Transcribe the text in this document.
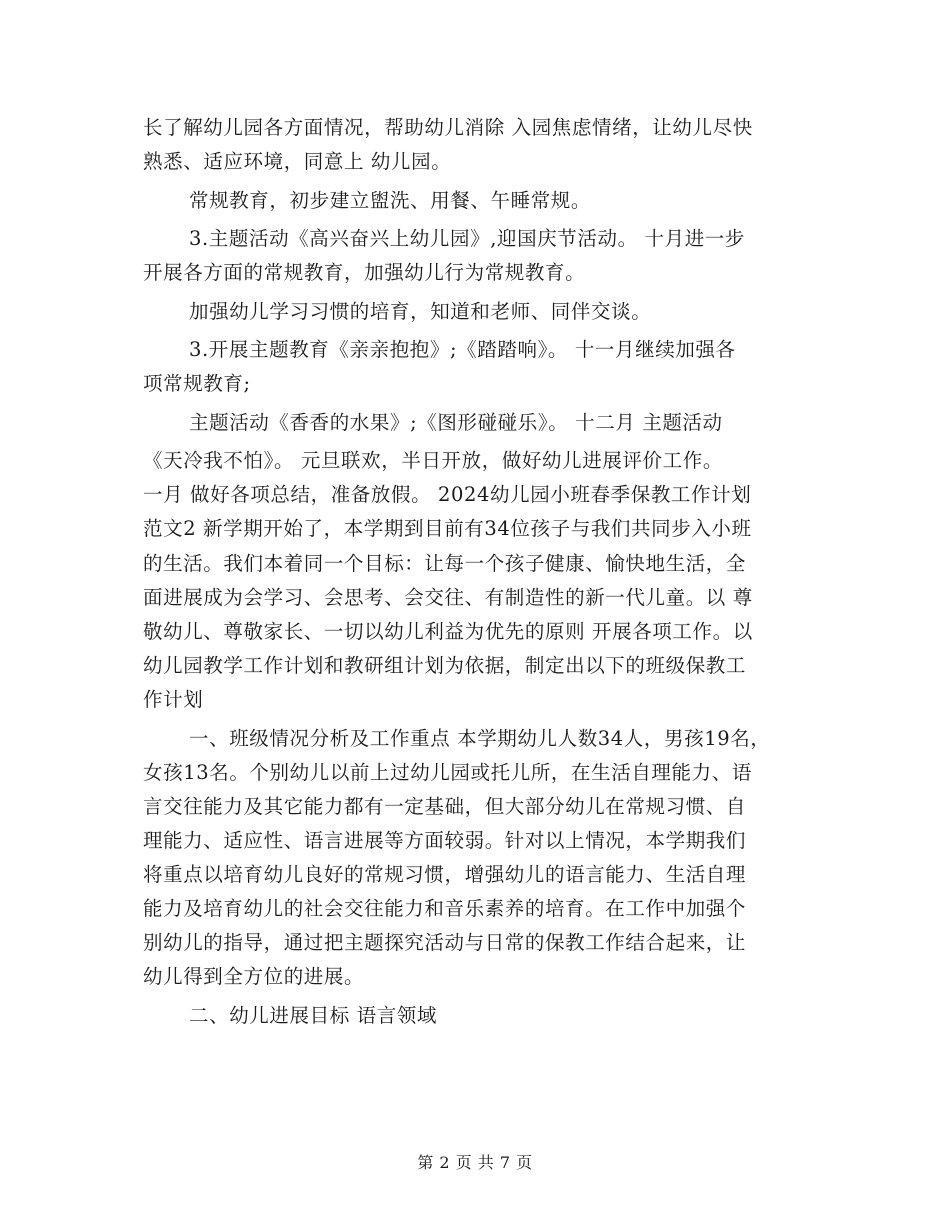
长了解幼儿园各方面情况，帮助幼儿消除 入园焦虑情绪，让幼儿尽快
熟悉、适应环境，同意上 幼儿园。
常规教育，初步建立盥洗、用餐、午睡常规。
3.主题活动《高兴奋兴上幼儿园》,迎国庆节活动。 十月进一步
开展各方面的常规教育，加强幼儿行为常规教育。
加强幼儿学习习惯的培育，知道和老师、同伴交谈。
3.开展主题教育《亲亲抱抱》;《踏踏响》。 十一月继续加强各
项常规教育;
主题活动《香香的水果》;《图形碰碰乐》。 十二月 主题活动
《天冷我不怕》。 元旦联欢，半日开放，做好幼儿进展评价工作。
一月 做好各项总结，准备放假。 2024幼儿园小班春季保教工作计划
范文2 新学期开始了，本学期到目前有34位孩子与我们共同步入小班
的生活。我们本着同一个目标：让每一个孩子健康、愉快地生活，全
面进展成为会学习、会思考、会交往、有制造性的新一代儿童。以 尊
敬幼儿、尊敬家长、一切以幼儿利益为优先的原则 开展各项工作。以
幼儿园教学工作计划和教研组计划为依据，制定出以下的班级保教工
作计划
一、班级情况分析及工作重点 本学期幼儿人数34人，男孩19名，
女孩13名。个别幼儿以前上过幼儿园或托儿所，在生活自理能力、语
言交往能力及其它能力都有一定基础，但大部分幼儿在常规习惯、自
理能力、适应性、语言进展等方面较弱。针对以上情况，本学期我们
将重点以培育幼儿良好的常规习惯，增强幼儿的语言能力、生活自理
能力及培育幼儿的社会交往能力和音乐素养的培育。在工作中加强个
别幼儿的指导，通过把主题探究活动与日常的保教工作结合起来，让
幼儿得到全方位的进展。
二、幼儿进展目标 语言领域
第 2 页 共 7 页
